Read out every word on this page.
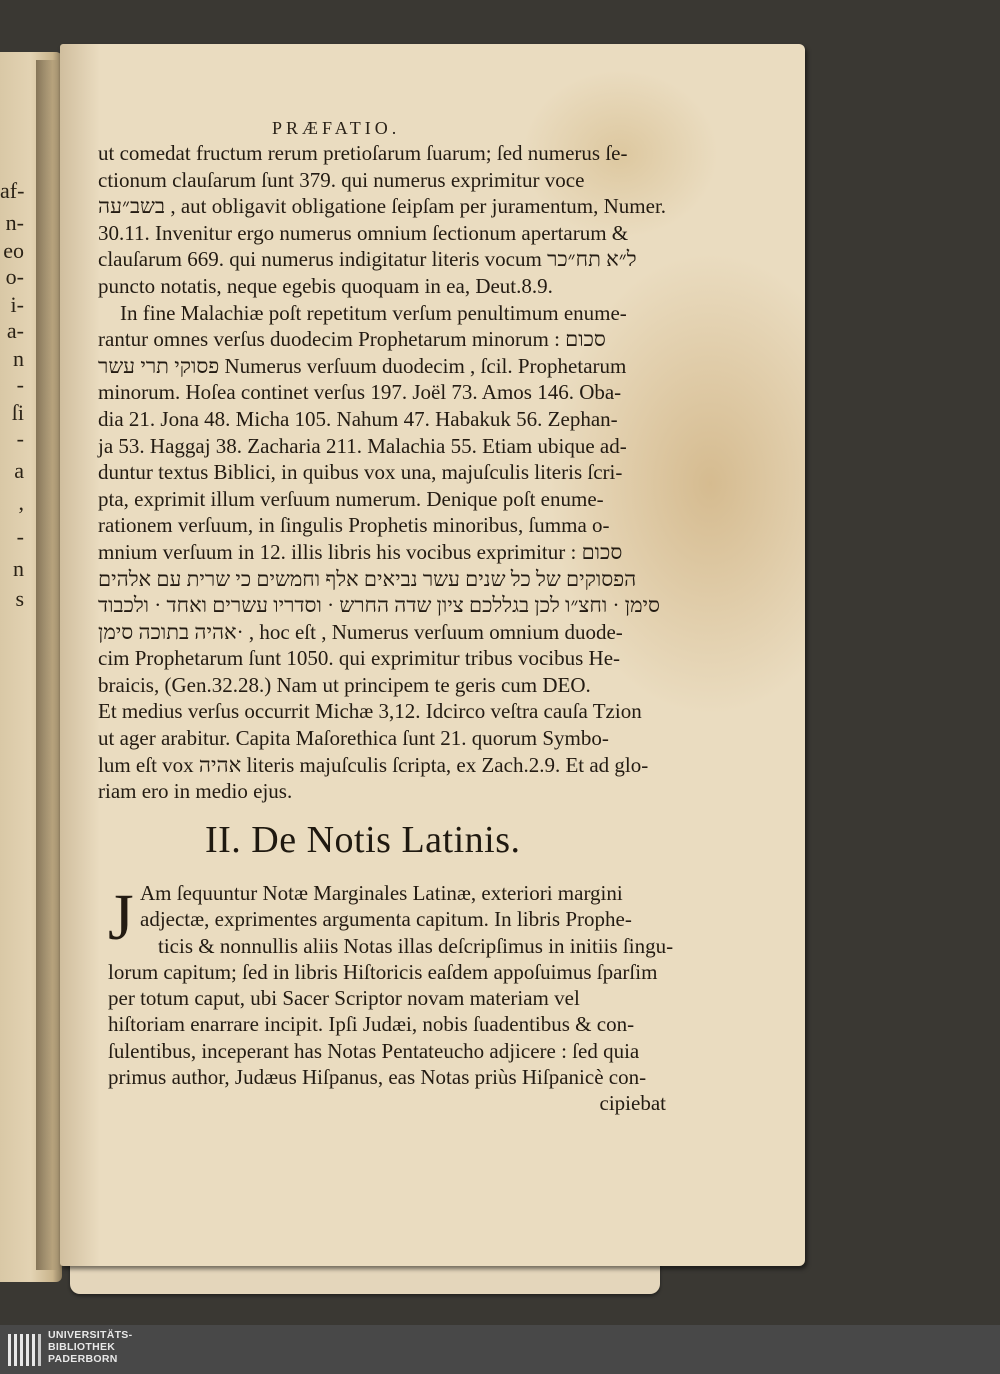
af-
n-
eo
o-
i-
a-
n
-
ſi
-
a
,
-
n
s
PRÆFATIO.
ut comedat fructum rerum pretioſarum ſuarum; ſed numerus ſe-
ctionum clauſarum ſunt 379. qui numerus exprimitur voce
בשב״עה , aut obligavit obligatione ſeipſam per juramentum, Numer.
30.11. Invenitur ergo numerus omnium ſectionum apertarum &
clauſarum 669. qui numerus indigitatur literis vocum ל״א תח״כר
puncto notatis, neque egebis quoquam in ea, Deut.8.9.
In fine Malachiæ poſt repetitum verſum penultimum enume-
rantur omnes verſus duodecim Prophetarum minorum : סכום
פסוקי תרי עשר Numerus verſuum duodecim , ſcil. Prophetarum
minorum. Hoſea continet verſus 197. Joël 73. Amos 146. Oba-
dia 21. Jona 48. Micha 105. Nahum 47. Habakuk 56. Zephan-
ja 53. Haggaj 38. Zacharia 211. Malachia 55. Etiam ubique ad-
duntur textus Biblici, in quibus vox una, majuſculis literis ſcri-
pta, exprimit illum verſuum numerum. Denique poſt enume-
rationem verſuum, in ſingulis Prophetis minoribus, ſumma o-
mnium verſuum in 12. illis libris his vocibus exprimitur : סכום
הפסוקים של כל שנים עשר נביאים אלף וחמשים כי שרית עם אלהים
סימן · וחצ״ו לכן בגללכם ציון שדה החרש · וסדריו עשרים ואחד · ולכבוד
אהיה בתוכה סימן· , hoc eſt , Numerus verſuum omnium duode-
cim Prophetarum ſunt 1050. qui exprimitur tribus vocibus He-
braicis, (Gen.32.28.) Nam ut principem te geris cum DEO.
Et medius verſus occurrit Michæ 3,12. Idcirco veſtra cauſa Tzion
ut ager arabitur. Capita Maſorethica ſunt 21. quorum Symbo-
lum eſt vox אהיה literis majuſculis ſcripta, ex Zach.2.9. Et ad glo-
riam ero in medio ejus.
II. De Notis Latinis.
J Am ſequuntur Notæ Marginales Latinæ, exteriori margini
adjectæ, exprimentes argumenta capitum. In libris Prophe-
ticis & nonnullis aliis Notas illas deſcripſimus in initiis ſingu-
lorum capitum; ſed in libris Hiſtoricis eaſdem appoſuimus ſparſim
per totum caput, ubi Sacer Scriptor novam materiam vel
hiſtoriam enarrare incipit. Ipſi Judæi, nobis ſuadentibus & con-
ſulentibus, inceperant has Notas Pentateucho adjicere : ſed quia
primus author, Judæus Hiſpanus, eas Notas priùs Hiſpanicè con-
cipiebat
UNIVERSITÄTS-
BIBLIOTHEK
PADERBORN
